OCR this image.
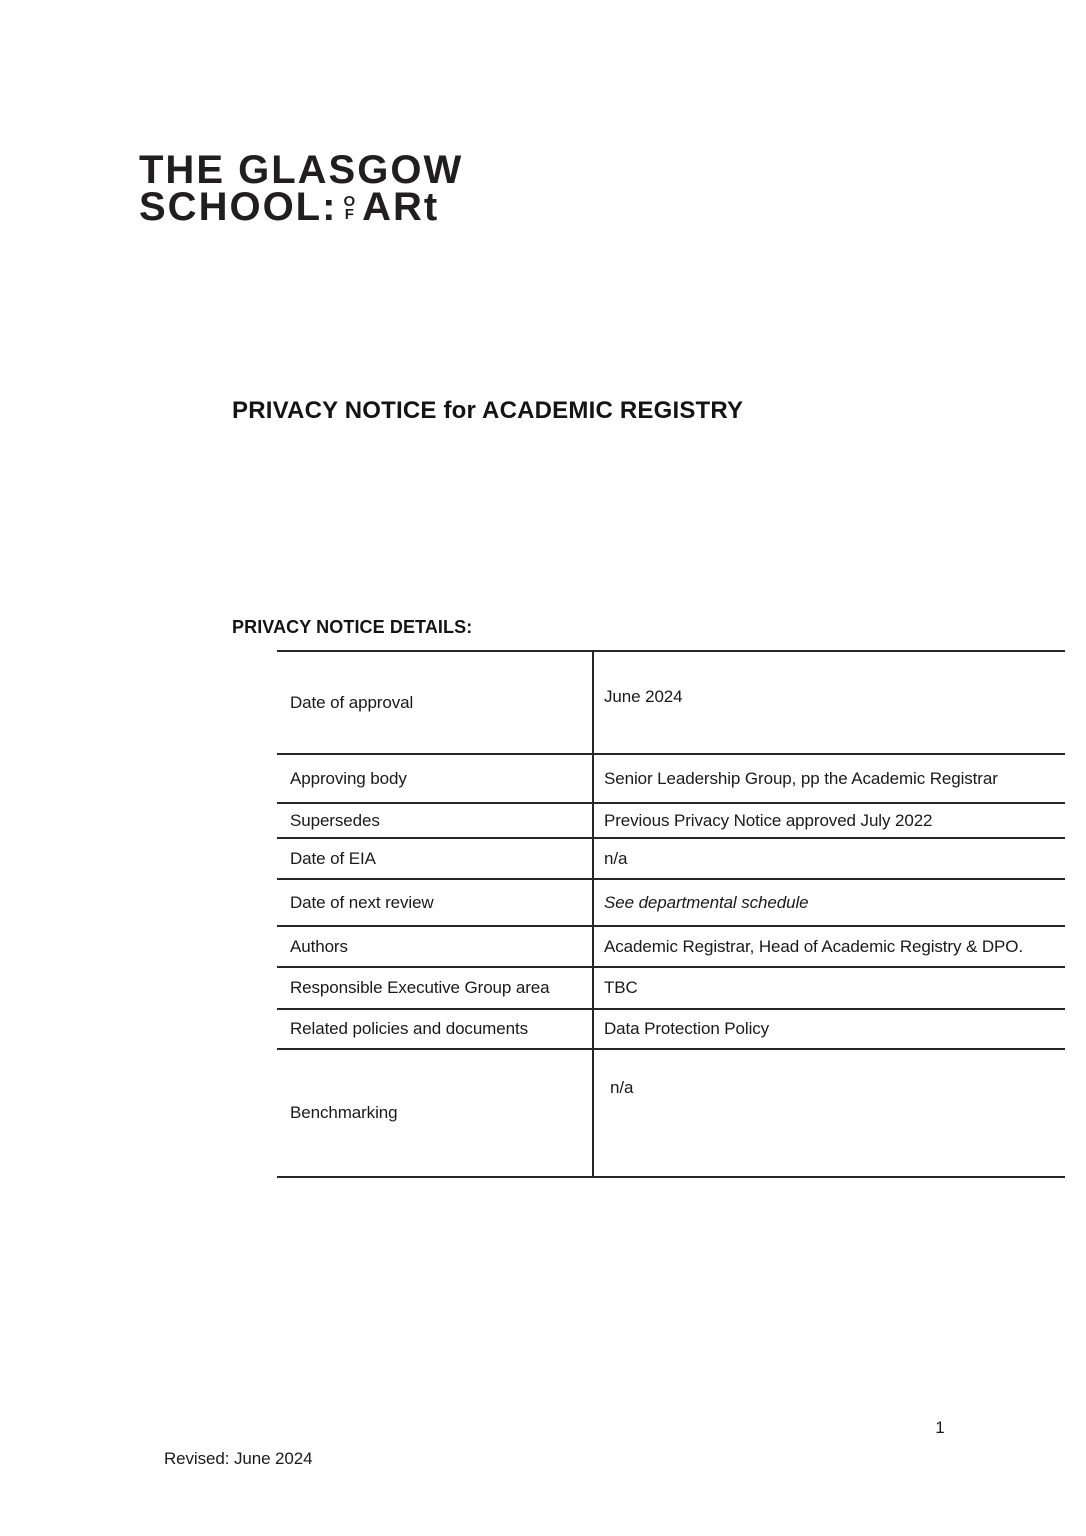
THE GLASGOW
SCHOOL: O
F ARt
PRIVACY NOTICE for ACADEMIC REGISTRY
PRIVACY NOTICE DETAILS:
Date of approval	June 2024
Approving body	Senior Leadership Group, pp the Academic Registrar
Supersedes	Previous Privacy Notice approved July 2022
Date of EIA	n/a
Date of next review	See departmental schedule
Authors	Academic Registrar, Head of Academic Registry & DPO.
Responsible Executive Group area	TBC
Related policies and documents	Data Protection Policy
Benchmarking	n/a
1
Revised: June 2024
